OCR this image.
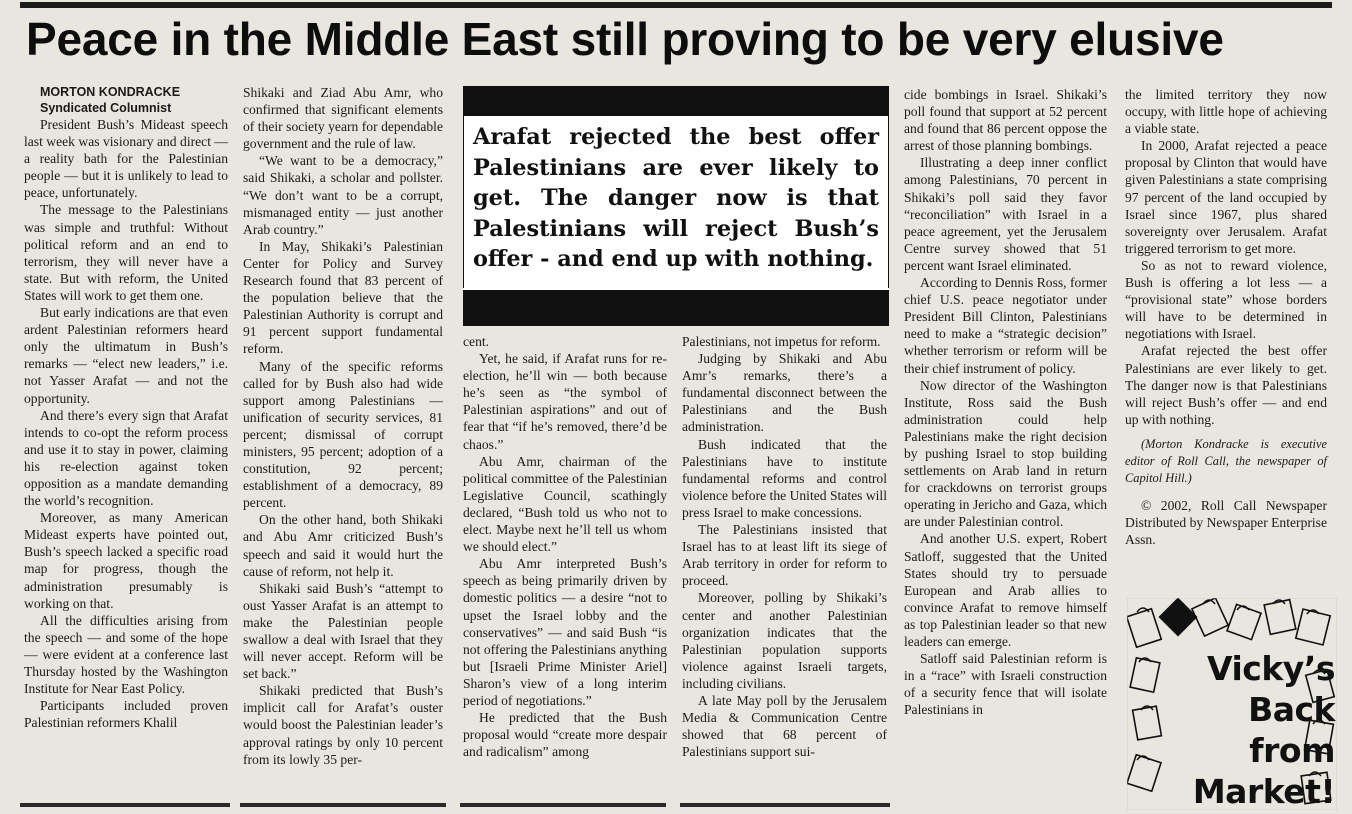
Peace in the Middle East still proving to be very elusive

MORTON KONDRACKE

Syndicated Columnist

President Bush’s Mideast speech last week was visionary and direct — a reality bath for the Palestinian people — but it is unlikely to lead to peace, unfortunately.

The message to the Palestinians was simple and truthful: Without political reform and an end to terrorism, they will never have a state. But with reform, the United States will work to get them one.

But early indications are that even ardent Palestinian reformers heard only the ultimatum in Bush’s remarks — “elect new leaders,” i.e. not Yasser Arafat — and not the opportunity.

And there’s every sign that Arafat intends to co-opt the reform process and use it to stay in power, claiming his re-election against token opposition as a mandate demanding the world’s recognition.

Moreover, as many American Mideast experts have pointed out, Bush’s speech lacked a specific road map for progress, though the administration presumably is working on that.

All the difficulties arising from the speech — and some of the hope — were evident at a conference last Thursday hosted by the Washington Institute for Near East Policy.

Participants included proven Palestinian reformers Khalil

Shikaki and Ziad Abu Amr, who confirmed that significant elements of their society yearn for dependable government and the rule of law.

“We want to be a democracy,” said Shikaki, a scholar and pollster. “We don’t want to be a corrupt, mismanaged entity — just another Arab country.”

In May, Shikaki’s Palestinian Center for Policy and Survey Research found that 83 percent of the population believe that the Palestinian Authority is corrupt and 91 percent support fundamental reform.

Many of the specific reforms called for by Bush also had wide support among Palestinians — unification of security services, 81 percent; dismissal of corrupt ministers, 95 percent; adoption of a constitution, 92 percent; establishment of a democracy, 89 percent.

On the other hand, both Shikaki and Abu Amr criticized Bush’s speech and said it would hurt the cause of reform, not help it.

Shikaki said Bush’s “attempt to oust Yasser Arafat is an attempt to make the Palestinian people swallow a deal with Israel that they will never accept. Reform will be set back.”

Shikaki predicted that Bush’s implicit call for Arafat’s ouster would boost the Palestinian leader’s approval ratings by only 10 percent from its lowly 35 per-

Arafat rejected the best offer Palestinians are ever likely to get. The danger now is that Palestinians will reject Bush’s offer - and end up with nothing.

cent.

Yet, he said, if Arafat runs for re-election, he’ll win — both because he’s seen as “the symbol of Palestinian aspirations” and out of fear that “if he’s removed, there’d be chaos.”

Abu Amr, chairman of the political committee of the Palestinian Legislative Council, scathingly declared, “Bush told us who not to elect. Maybe next he’ll tell us whom we should elect.”

Abu Amr interpreted Bush’s speech as being primarily driven by domestic politics — a desire “not to upset the Israel lobby and the conservatives” — and said Bush “is not offering the Palestinians anything but [Israeli Prime Minister Ariel] Sharon’s view of a long interim period of negotiations.”

He predicted that the Bush proposal would “create more despair and radicalism” among

Palestinians, not impetus for reform.

Judging by Shikaki and Abu Amr’s remarks, there’s a fundamental disconnect between the Palestinians and the Bush administration.

Bush indicated that the Palestinians have to institute fundamental reforms and control violence before the United States will press Israel to make concessions.

The Palestinians insisted that Israel has to at least lift its siege of Arab territory in order for reform to proceed.

Moreover, polling by Shikaki’s center and another Palestinian organization indicates that the Palestinian population supports violence against Israeli targets, including civilians.

A late May poll by the Jerusalem Media & Communication Centre showed that 68 percent of Palestinians support sui-

cide bombings in Israel. Shikaki’s poll found that support at 52 percent and found that 86 percent oppose the arrest of those planning bombings.

Illustrating a deep inner conflict among Palestinians, 70 percent in Shikaki’s poll said they favor “reconciliation” with Israel in a peace agreement, yet the Jerusalem Centre survey showed that 51 percent want Israel eliminated.

According to Dennis Ross, former chief U.S. peace negotiator under President Bill Clinton, Palestinians need to make a “strategic decision” whether terrorism or reform will be their chief instrument of policy.

Now director of the Washington Institute, Ross said the Bush administration could help Palestinians make the right decision by pushing Israel to stop building settlements on Arab land in return for crackdowns on terrorist groups operating in Jericho and Gaza, which are under Palestinian control.

And another U.S. expert, Robert Satloff, suggested that the United States should try to persuade European and Arab allies to convince Arafat to remove himself as top Palestinian leader so that new leaders can emerge.

Satloff said Palestinian reform is in a “race” with Israeli construction of a security fence that will isolate Palestinians in

the limited territory they now occupy, with little hope of achieving a viable state.

In 2000, Arafat rejected a peace proposal by Clinton that would have given Palestinians a state comprising 97 percent of the land occupied by Israel since 1967, plus shared sovereignty over Jerusalem. Arafat triggered terrorism to get more.

So as not to reward violence, Bush is offering a lot less — a “provisional state” whose borders will have to be determined in negotiations with Israel.

Arafat rejected the best offer Palestinians are ever likely to get. The danger now is that Palestinians will reject Bush’s offer — and end up with nothing.

(Morton Kondracke is executive editor of Roll Call, the newspaper of Capitol Hill.)

© 2002, Roll Call Newspaper Distributed by Newspaper Enterprise Assn.

Vicky’s
Back
from
Market!
